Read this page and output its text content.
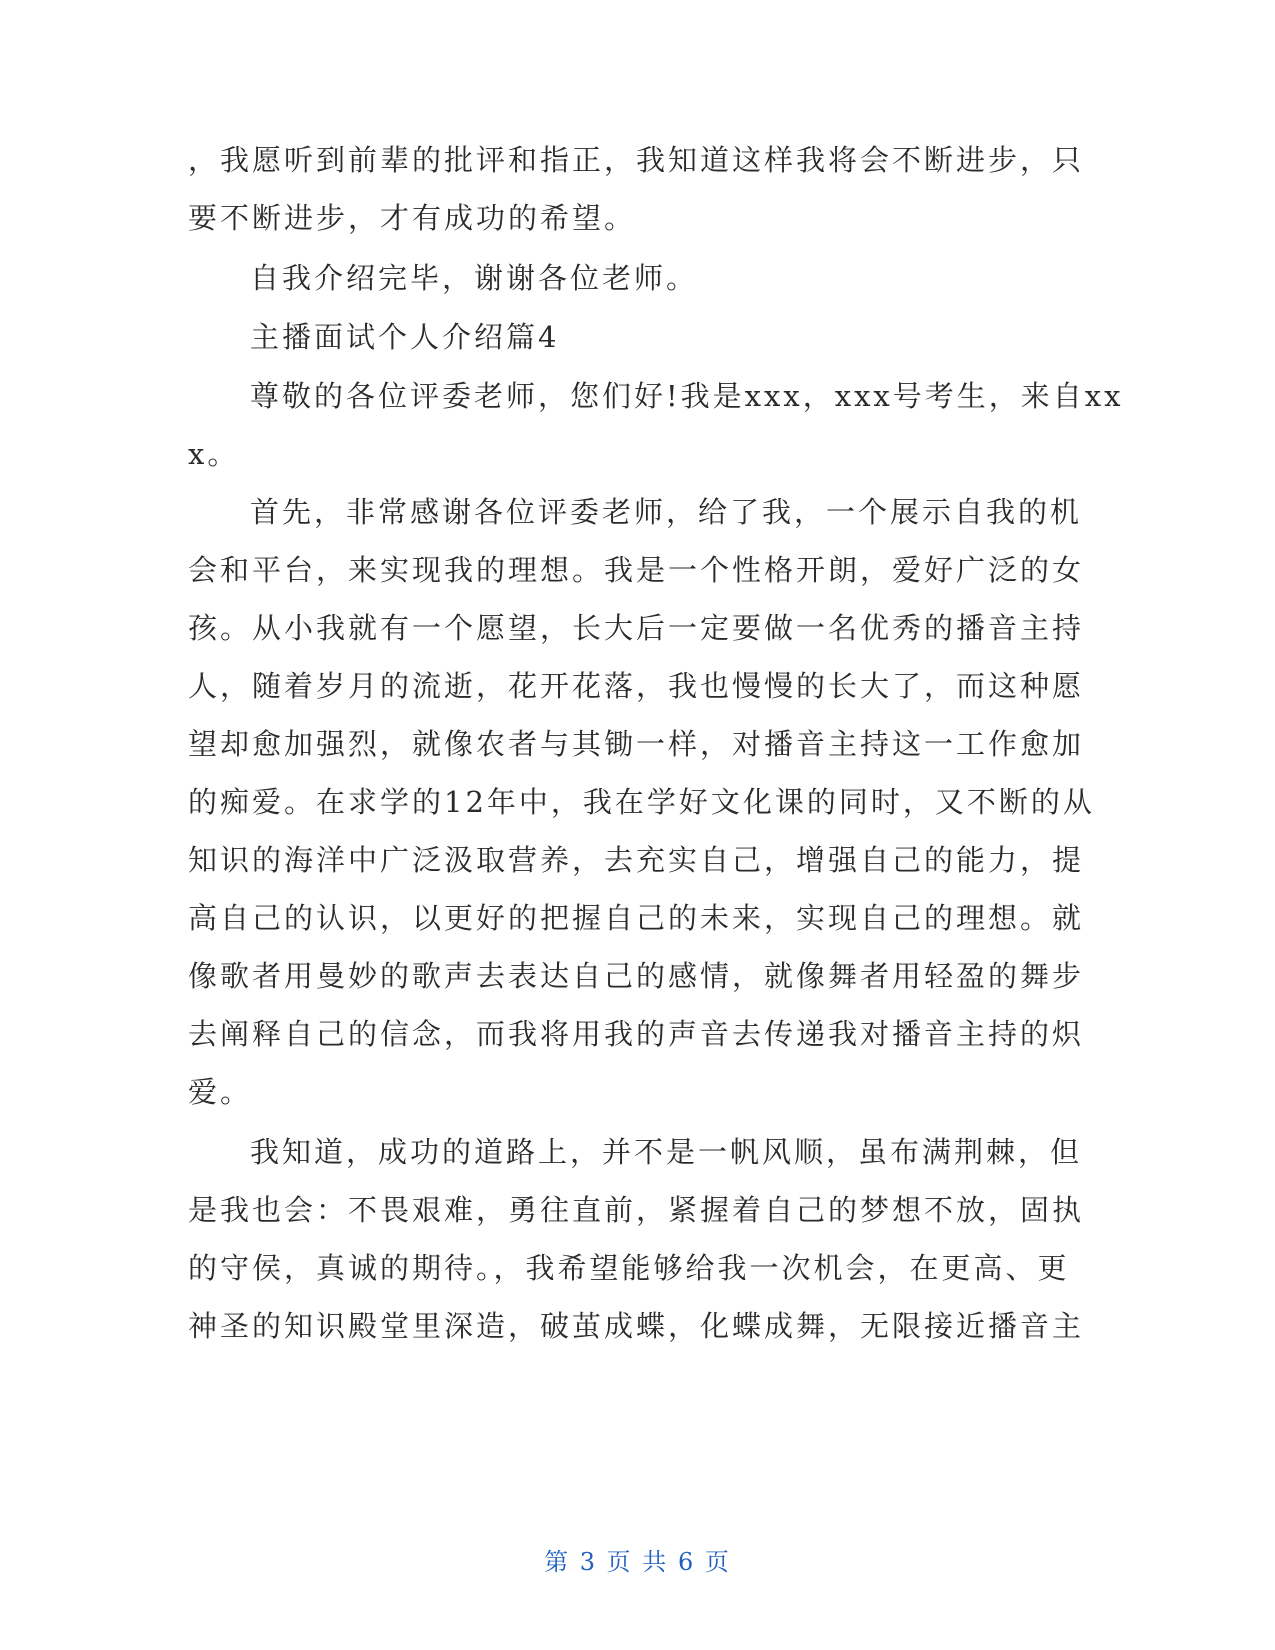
，我愿听到前辈的批评和指正，我知道这样我将会不断进步，只
要不断进步，才有成功的希望。
自我介绍完毕，谢谢各位老师。
主播面试个人介绍篇4
尊敬的各位评委老师，您们好!我是xxx，xxx号考生，来自xx
x。
首先，非常感谢各位评委老师，给了我，一个展示自我的机
会和平台，来实现我的理想。我是一个性格开朗，爱好广泛的女
孩。从小我就有一个愿望，长大后一定要做一名优秀的播音主持
人，随着岁月的流逝，花开花落，我也慢慢的长大了，而这种愿
望却愈加强烈，就像农者与其锄一样，对播音主持这一工作愈加
的痴爱。在求学的12年中，我在学好文化课的同时，又不断的从
知识的海洋中广泛汲取营养，去充实自己，增强自己的能力，提
高自己的认识，以更好的把握自己的未来，实现自己的理想。就
像歌者用曼妙的歌声去表达自己的感情，就像舞者用轻盈的舞步
去阐释自己的信念，而我将用我的声音去传递我对播音主持的炽
爱。
我知道，成功的道路上，并不是一帆风顺，虽布满荆棘，但
是我也会：不畏艰难，勇往直前，紧握着自己的梦想不放，固执
的守侯，真诚的期待。，我希望能够给我一次机会，在更高、更
神圣的知识殿堂里深造，破茧成蝶，化蝶成舞，无限接近播音主
第 3 页 共 6 页
